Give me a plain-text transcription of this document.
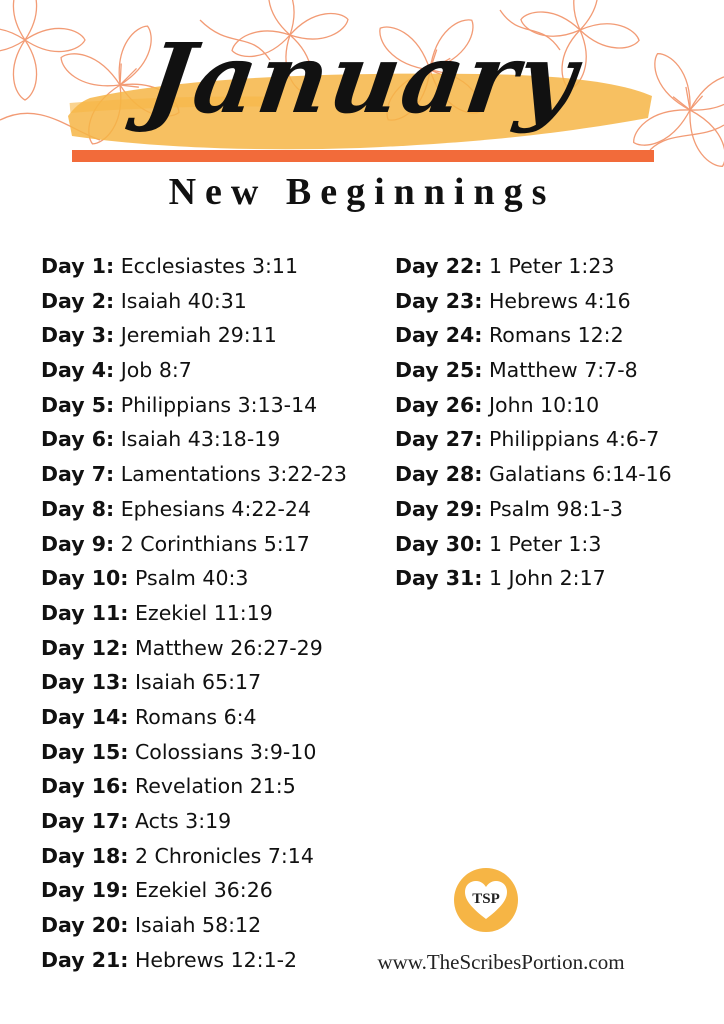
January
New Beginnings
Day 1: Ecclesiastes 3:11
Day 2: Isaiah 40:31
Day 3: Jeremiah 29:11
Day 4: Job 8:7
Day 5: Philippians 3:13-14
Day 6: Isaiah 43:18-19
Day 7: Lamentations 3:22-23
Day 8: Ephesians 4:22-24
Day 9: 2 Corinthians 5:17
Day 10: Psalm 40:3
Day 11: Ezekiel 11:19
Day 12: Matthew 26:27-29
Day 13: Isaiah 65:17
Day 14: Romans 6:4
Day 15: Colossians 3:9-10
Day 16: Revelation 21:5
Day 17: Acts 3:19
Day 18: 2 Chronicles 7:14
Day 19: Ezekiel 36:26
Day 20: Isaiah 58:12
Day 21: Hebrews 12:1-2
Day 22: 1 Peter 1:23
Day 23: Hebrews 4:16
Day 24: Romans 12:2
Day 25: Matthew 7:7-8
Day 26: John 10:10
Day 27: Philippians 4:6-7
Day 28: Galatians 6:14-16
Day 29: Psalm 98:1-3
Day 30: 1 Peter 1:3
Day 31: 1 John 2:17
TSP
www.TheScribesPortion.com
